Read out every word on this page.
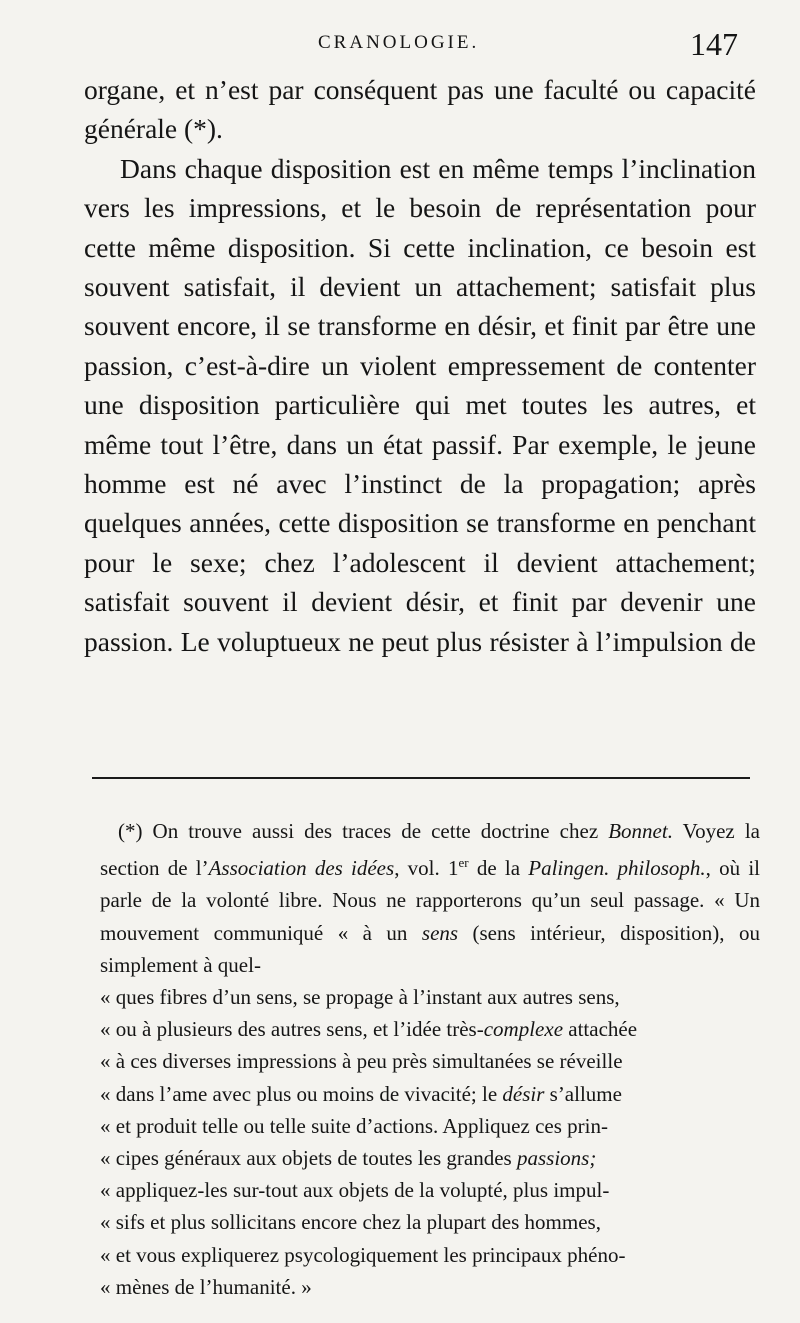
CRANOLOGIE.	147

organe, et n’est par conséquent pas une faculté ou capacité générale (*).

Dans chaque disposition est en même temps l’inclination vers les impressions, et le besoin de représentation pour cette même disposition. Si cette inclination, ce besoin est souvent satisfait, il devient un attachement; satisfait plus souvent encore, il se transforme en désir, et finit par être une passion, c’est-à-dire un violent empressement de contenter une disposition particulière qui met toutes les autres, et même tout l’être, dans un état passif. Par exemple, le jeune homme est né avec l’instinct de la propagation; après quelques années, cette disposition se transforme en penchant pour le sexe; chez l’adolescent il devient attachement; satisfait souvent il devient désir, et finit par devenir une passion. Le voluptueux ne peut plus résister à l’impulsion de

(*) On trouve aussi des traces de cette doctrine chez Bonnet. Voyez la section de l’Association des idées, vol. 1er de la Palingen. philosoph., où il parle de la volonté libre. Nous ne rapporterons qu’un seul passage. « Un mouvement communiqué « à un sens (sens intérieur, disposition), ou simplement à quel-

« ques fibres d’un sens, se propage à l’instant aux autres sens,
« ou à plusieurs des autres sens, et l’idée très-complexe attachée
« à ces diverses impressions à peu près simultanées se réveille
« dans l’ame avec plus ou moins de vivacité; le désir s’allume
« et produit telle ou telle suite d’actions. Appliquez ces prin-
« cipes généraux aux objets de toutes les grandes passions;
« appliquez-les sur-tout aux objets de la volupté, plus impul-
« sifs et plus sollicitans encore chez la plupart des hommes,
« et vous expliquerez psycologiquement les principaux phéno-
« mènes de l’humanité. »
